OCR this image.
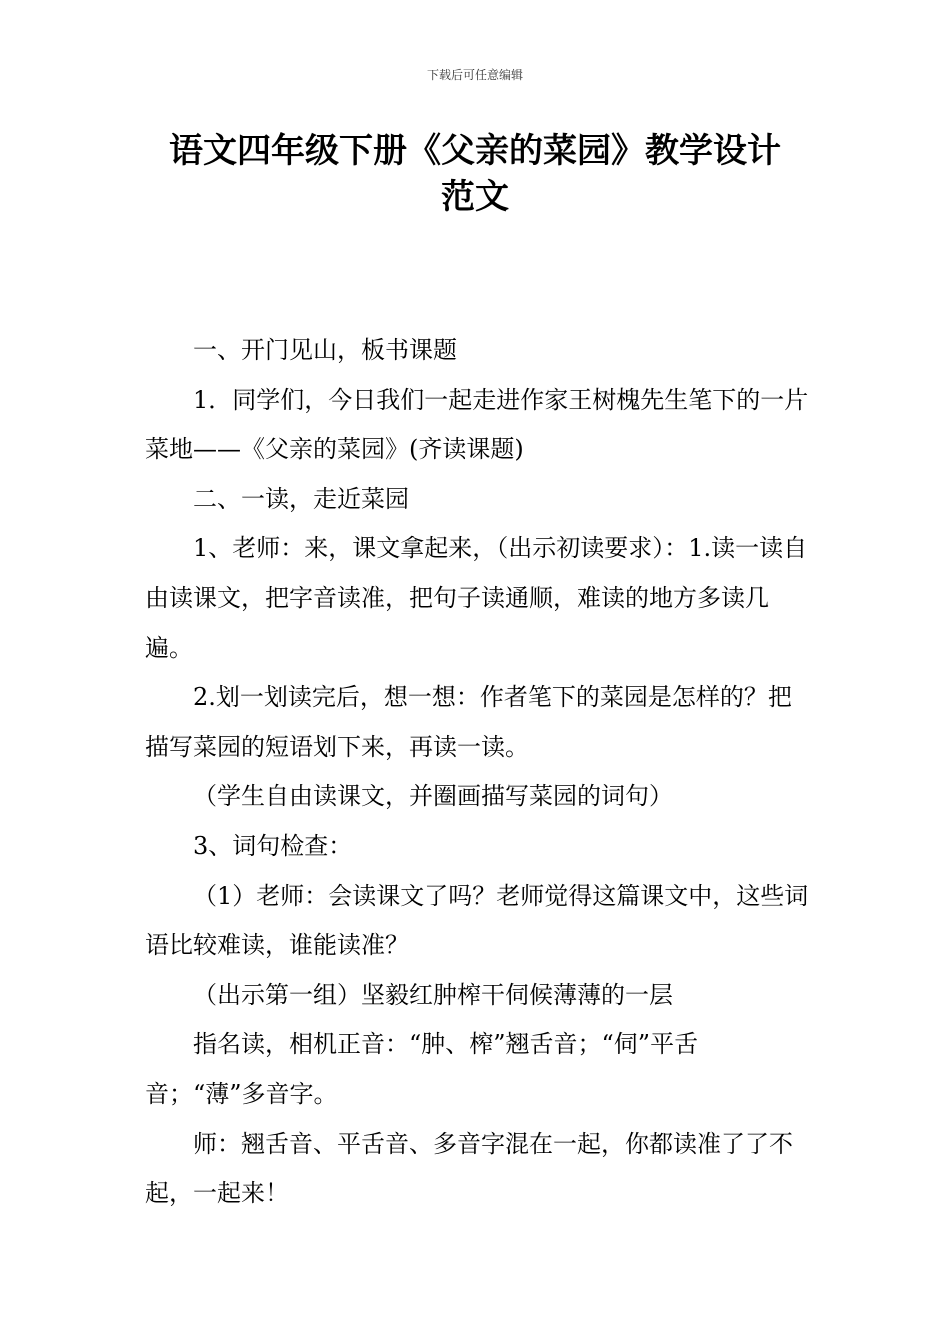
下载后可任意编辑
语文四年级下册《父亲的菜园》教学设计
范文

一、开门见山，板书课题

1．同学们，今日我们一起走进作家王树槐先生笔下的一片菜地——《父亲的菜园》(齐读课题)

二、一读，走近菜园

1、老师：来，课文拿起来，（出示初读要求）：1.读一读自由读课文，把字音读准，把句子读通顺，难读的地方多读几遍。

2.划一划读完后，想一想：作者笔下的菜园是怎样的？把描写菜园的短语划下来，再读一读。

（学生自由读课文，并圈画描写菜园的词句）

3、词句检查：

（1）老师：会读课文了吗？老师觉得这篇课文中，这些词语比较难读，谁能读准？

（出示第一组）坚毅红肿榨干伺候薄薄的一层

指名读，相机正音：“肿、榨”翘舌音；“伺”平舌音；“薄”多音字。

师：翘舌音、平舌音、多音字混在一起，你都读准了了不起，一起来！
